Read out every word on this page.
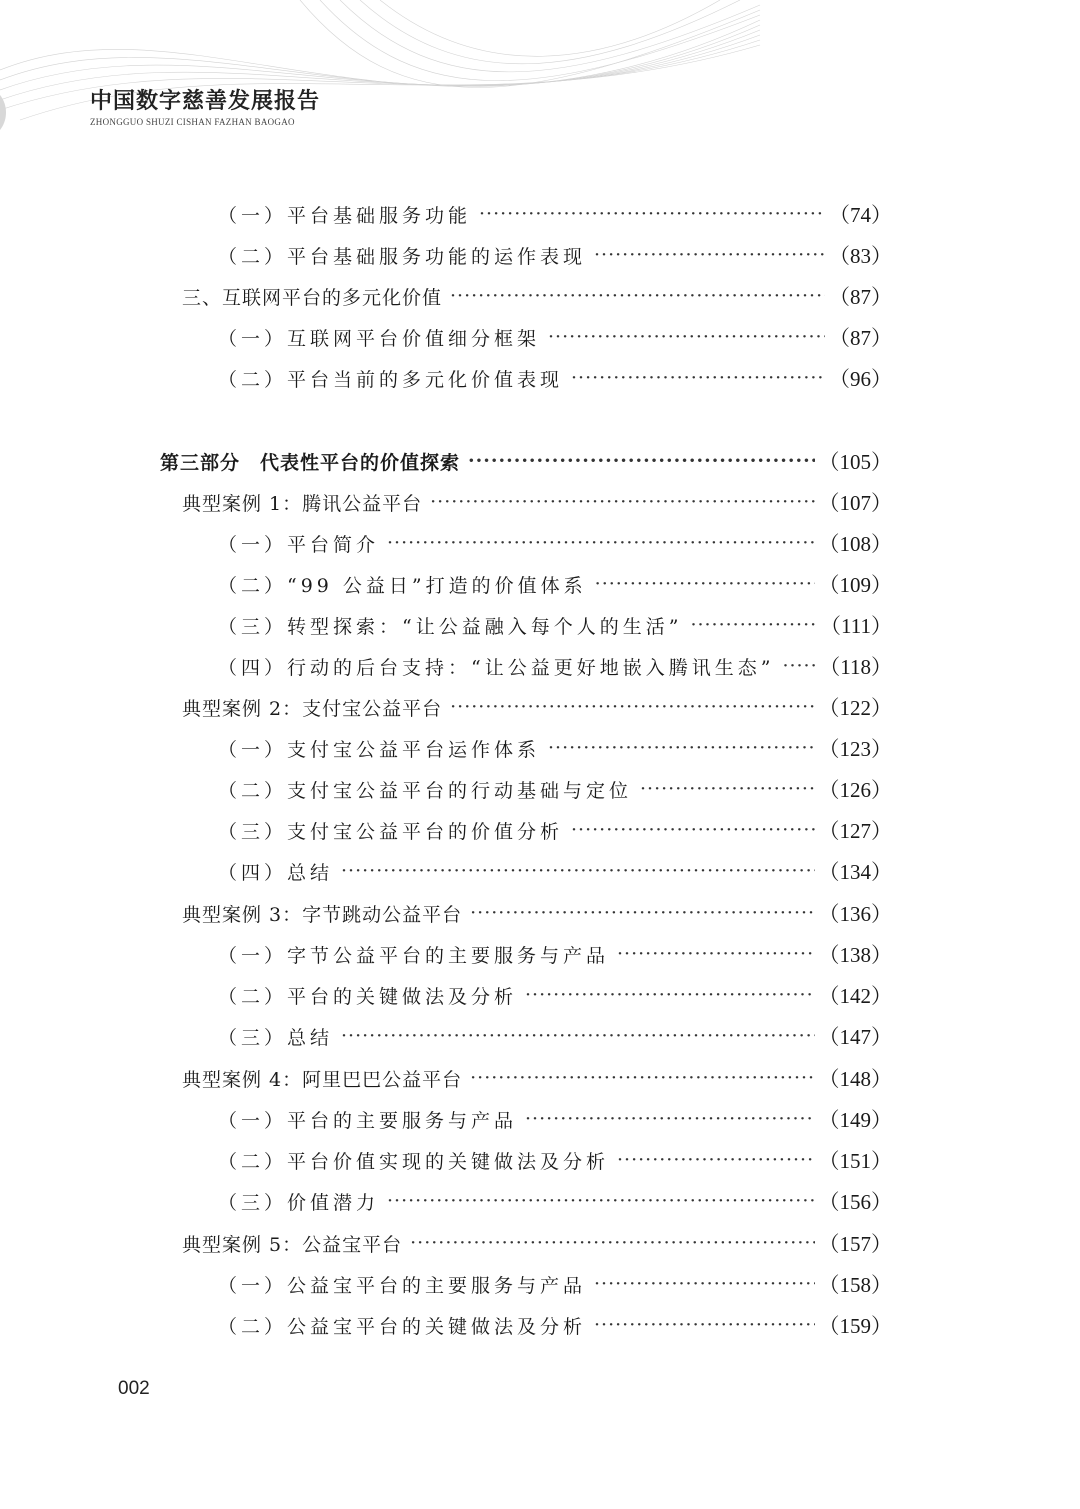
中国数字慈善发展报告
ZHONGGUO SHUZI CISHAN FAZHAN BAOGAO
（一）平台基础服务功能 ·····	（74）
（二）平台基础服务功能的运作表现 ·····	（83）
三、互联网平台的多元化价值 ·····	（87）
（一）互联网平台价值细分框架 ·····	（87）
（二）平台当前的多元化价值表现 ·····	（96）
第三部分　代表性平台的价值探索 ·····	（105）
典型案例 1：腾讯公益平台 ·····	（107）
（一）平台简介 ·····	（108）
（二）“99 公益日”打造的价值体系 ·····	（109）
（三）转型探索：“让公益融入每个人的生活” ·····	（111）
（四）行动的后台支持：“让公益更好地嵌入腾讯生态” ····· （118）
典型案例 2：支付宝公益平台 ·····	（122）
（一）支付宝公益平台运作体系 ·····	（123）
（二）支付宝公益平台的行动基础与定位 ·····	（126）
（三）支付宝公益平台的价值分析 ·····	（127）
（四）总结 ·····	（134）
典型案例 3：字节跳动公益平台 ·····	（136）
（一）字节公益平台的主要服务与产品 ·····	（138）
（二）平台的关键做法及分析 ·····	（142）
（三）总结 ·····	（147）
典型案例 4：阿里巴巴公益平台 ·····	（148）
（一）平台的主要服务与产品 ·····	（149）
（二）平台价值实现的关键做法及分析 ·····	（151）
（三）价值潜力 ·····	（156）
典型案例 5：公益宝平台 ·····	（157）
（一）公益宝平台的主要服务与产品 ·····	（158）
（二）公益宝平台的关键做法及分析 ·····	（159）
002
